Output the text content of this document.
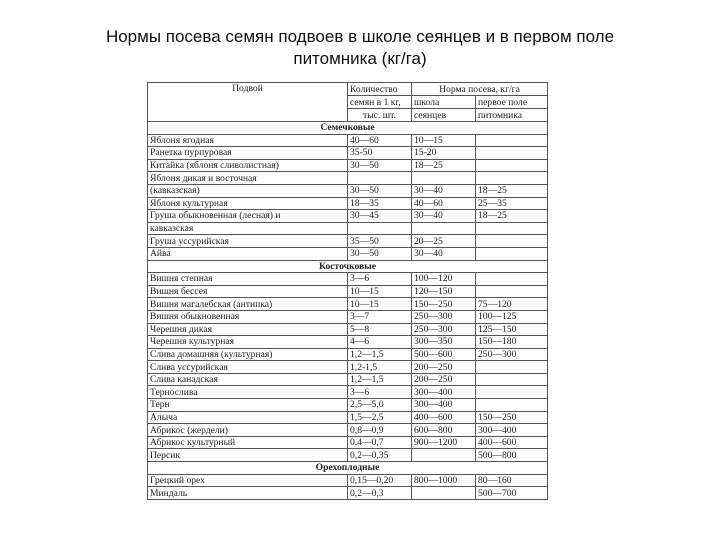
Нормы посева семян подвоев в школе сеянцев и в первом поле
питомника (кг/га)
Подвой	Количество	Норма посева, кг/га	
	семян в 1 кг,	школа	первое поле
	тыс. шт.	сеянцев	питомника
Семечковые			
Яблоня ягодная	40—60	10—15	
Ранетка пурпуровая	35-50	15-20	
Китайка (яблоня сливолистная)	30—50	18—25	
Яблоня дикая и восточная			
(кавказская)	30—50	30—40	18—25
Яблоня культурная	18—35	40—60	25—35
Груша обыкновенная (лесная) и	30—45	30—40	18—25
кавказская			
Груша уссурийская	35—50	20—25	
Айва	30—50	30—40	
Косточковые			
Вишня степная	3—6	100—120	
Вишня бессея	10—15	120—150	
Вишня магалебская (антипка)	10—15	150—250	75—120
Вишня обыкновенная	3—7	250—300	100—125
Черешня дикая	5—8	250—300	125—150
Черешня культурная	4—6	300—350	150—180
Слива домашняя (культурная)	1,2—1,5	500—600	250—300
Слива уссурийская	1,2-1,5	200—250	
Слива канадская	1,2—1,5	200—250	
Тернослива	3—6	300—400	
Терн	2,5—5,0	300—400	
Алыча	1,5—2,5	400—600	150—250
Абрикос (жердели)	0,8—0,9	600—800	300—400
Абрикос культурный	0,4—0,7	900—1200	400—600
Персик	0,2—0,35		500—800
Орехоплодные			
Грецкий орех	0,15—0,20	800—1000	80—160
Миндаль	0,2—0,3		500—700
